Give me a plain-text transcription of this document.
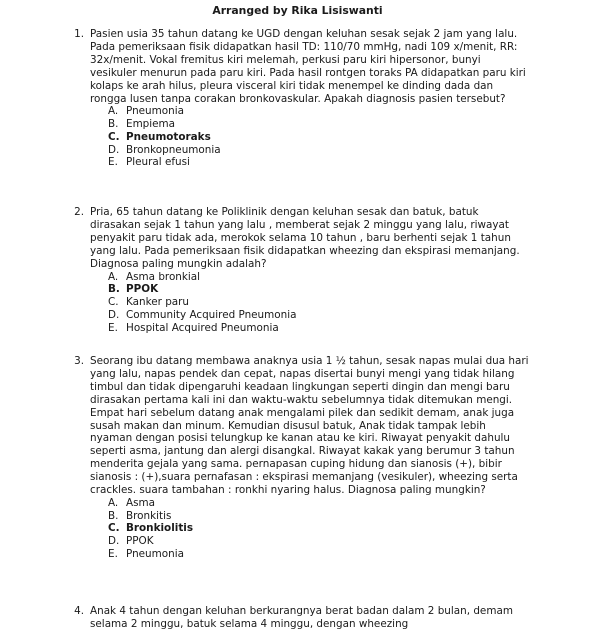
Arranged by Rika Lisiswanti
1. Pasien usia 35 tahun datang ke UGD dengan keluhan sesak sejak 2 jam yang lalu. Pada pemeriksaan fisik didapatkan hasil TD: 110/70 mmHg, nadi 109 x/menit, RR: 32x/menit. Vokal fremitus kiri melemah, perkusi paru kiri hipersonor, bunyi vesikuler menurun pada paru kiri. Pada hasil rontgen toraks PA didapatkan paru kiri kolaps ke arah hilus, pleura visceral kiri tidak menempel ke dinding dada dan rongga lusen tanpa corakan bronkovaskular. Apakah diagnosis pasien tersebut?
A. Pneumonia
B. Empiema
C. Pneumotoraks
D. Bronkopneumonia
E. Pleural efusi
2. Pria, 65 tahun datang ke Poliklinik dengan keluhan sesak dan batuk, batuk dirasakan sejak 1 tahun yang lalu , memberat sejak 2 minggu yang lalu, riwayat penyakit paru tidak ada, merokok selama 10 tahun , baru berhenti sejak 1 tahun yang lalu. Pada pemeriksaan fisik didapatkan wheezing dan ekspirasi memanjang. Diagnosa paling mungkin adalah?
A. Asma bronkial
B. PPOK
C. Kanker paru
D. Community Acquired Pneumonia
E. Hospital Acquired Pneumonia
3. Seorang ibu datang membawa anaknya usia 1 ½ tahun, sesak napas mulai dua hari yang lalu, napas pendek dan cepat, napas disertai bunyi mengi yang tidak hilang timbul dan tidak dipengaruhi keadaan lingkungan seperti dingin dan mengi baru dirasakan pertama kali ini dan waktu-waktu sebelumnya tidak ditemukan mengi. Empat hari sebelum datang anak mengalami pilek dan sedikit demam, anak juga susah makan dan minum. Kemudian disusul batuk, Anak tidak tampak lebih nyaman dengan posisi telungkup ke kanan atau ke kiri. Riwayat penyakit dahulu seperti asma, jantung dan alergi disangkal. Riwayat kakak yang berumur 3 tahun menderita gejala yang sama. pernapasan cuping hidung dan sianosis (+), bibir sianosis : (+),suara pernafasan : ekspirasi memanjang (vesikuler), wheezing serta crackles. suara tambahan : ronkhi nyaring halus. Diagnosa paling mungkin?
A. Asma
B. Bronkitis
C. Bronkiolitis
D. PPOK
E. Pneumonia
4. Anak 4 tahun dengan keluhan berkurangnya berat badan dalam 2 bulan, demam selama 2 minggu, batuk selama 4 minggu, dengan wheezing
